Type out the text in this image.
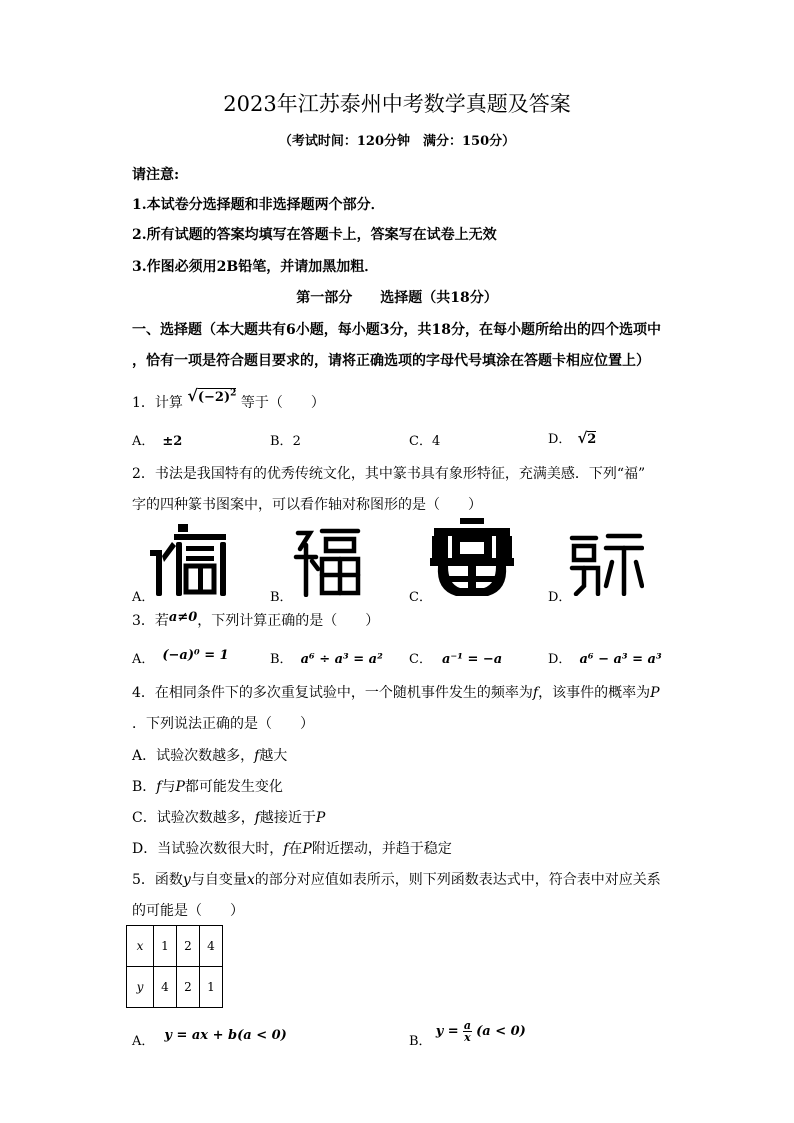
2023年江苏泰州中考数学真题及答案
（考试时间：120分钟　满分：150分）
请注意:
1.本试卷分选择题和非选择题两个部分．
2.所有试题的答案均填写在答题卡上，答案写在试卷上无效
3.作图必须用2B铅笔，并请加黑加粗．
第一部分　　选择题（共18分）
一、选择题（本大题共有6小题，每小题3分，共18分，在每小题所给出的四个选项中
，恰有一项是符合题目要求的，请将正确选项的字母代号填涂在答题卡相应位置上）
1．计算 $√(-2)^2$ 等于（　　）
A． ±2	B．2	C．4	D． √2
2．书法是我国特有的优秀传统文化，其中篆书具有象形特征，充满美感．下列“福”
字的四种篆书图案中，可以看作轴对称图形的是（　　）
A．	B．	C．	D．
3．若a≠0，下列计算正确的是（　　）
A． (−a)⁰ = 1	B． a⁶ ÷ a³ = a² C． a⁻¹ = −a	D． a⁶ − a³ = a³
4．在相同条件下的多次重复试验中，一个随机事件发生的频率为f，该事件的概率为P
．下列说法正确的是（　　）
A．试验次数越多，f越大
B．f与P都可能发生变化
C．试验次数越多，f越接近于P
D．当试验次数很大时，f在P附近摆动，并趋于稳定
5．函数y与自变量x的部分对应值如表所示，则下列函数表达式中，符合表中对应关系
的可能是（　　）
x	1	2	4
y	4	2	1
A． y = ax + b(a < 0)	B． $y = \frac{a}{x} (a < 0)$
